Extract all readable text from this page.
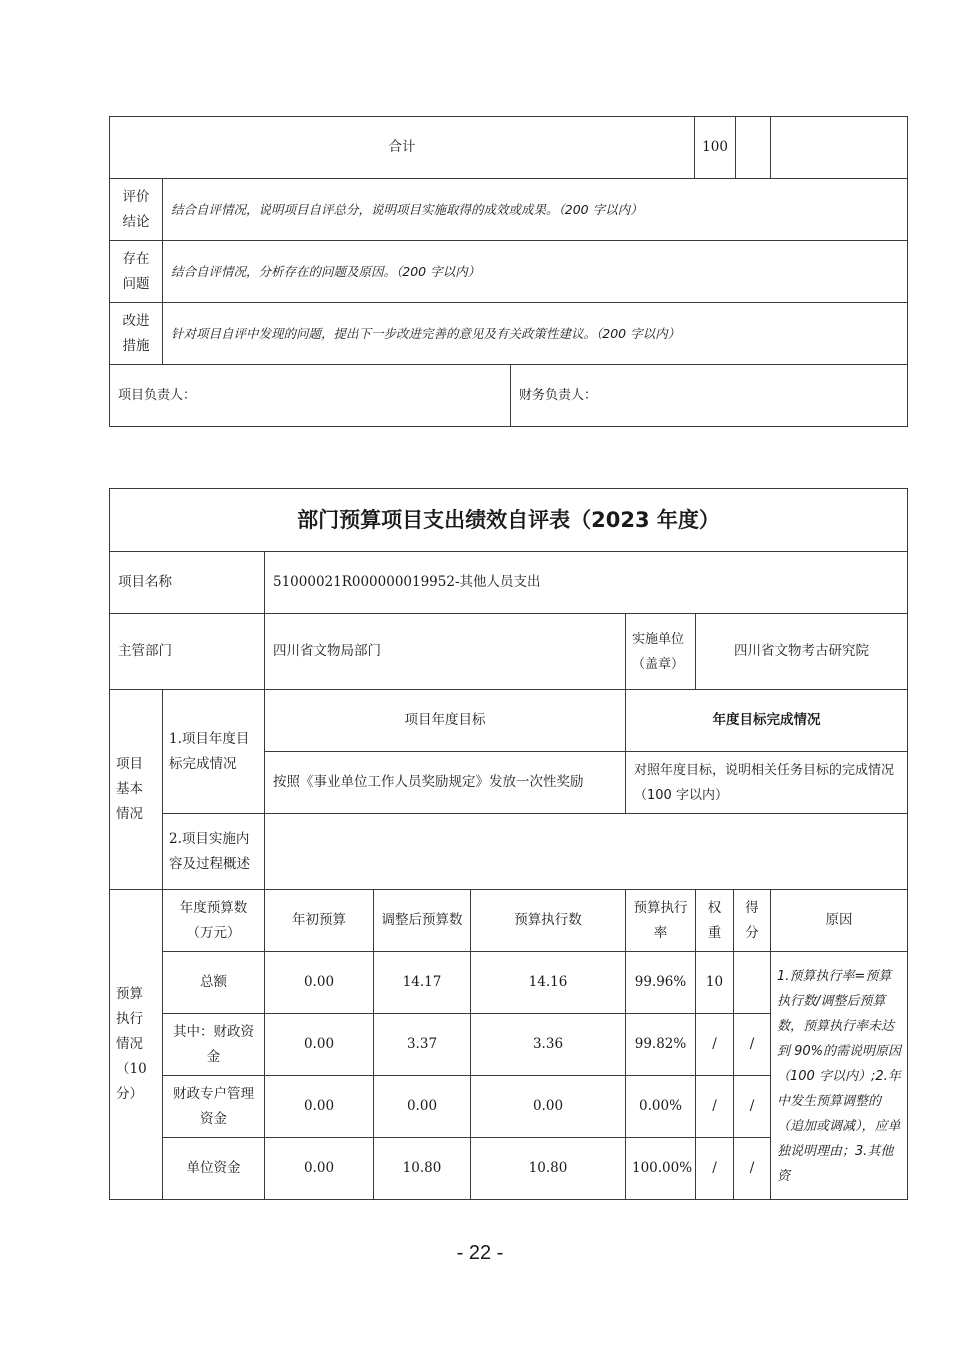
合计			100		
评价结论	结合自评情况，说明项目自评总分，说明项目实施取得的成效或成果。（200 字以内）				
存在问题	结合自评情况，分析存在的问题及原因。（200 字以内）				
改进措施	针对项目自评中发现的问题，提出下一步改进完善的意见及有关政策性建议。（200 字以内）				
项目负责人：		财务负责人：			
部门预算项目支出绩效自评表（2023 年度）								
项目名称		51000021R000000019952-其他人员支出						
主管部门		四川省文物局部门			实施单位（盖章）	四川省文物考古研究院		
项目基本情况	1.项目年度目标完成情况	项目年度目标			年度目标完成情况			
		按照《事业单位工作人员奖励规定》发放一次性奖励			对照年度目标，说明相关任务目标的完成情况（100 字以内）			
	2.项目实施内容及过程概述							
预算执行情况（10分）	年度预算数（万元）	年初预算	调整后预算数	预算执行数	预算执行率	权重	得分	原因
	总额	0.00	14.17	14.16	99.96%	10		1.预算执行率=预算执行数/调整后预算数，预算执行率未达到 90%的需说明原因（100 字以内）;2.年中发生预算调整的（追加或调减），应单独说明理由；3.其他资
	其中：财政资金	0.00	3.37	3.36	99.82%	/	/	
	财政专户管理资金	0.00	0.00	0.00	0.00%	/	/	
	单位资金	0.00	10.80	10.80	100.00%	/	/	
- 22 -
